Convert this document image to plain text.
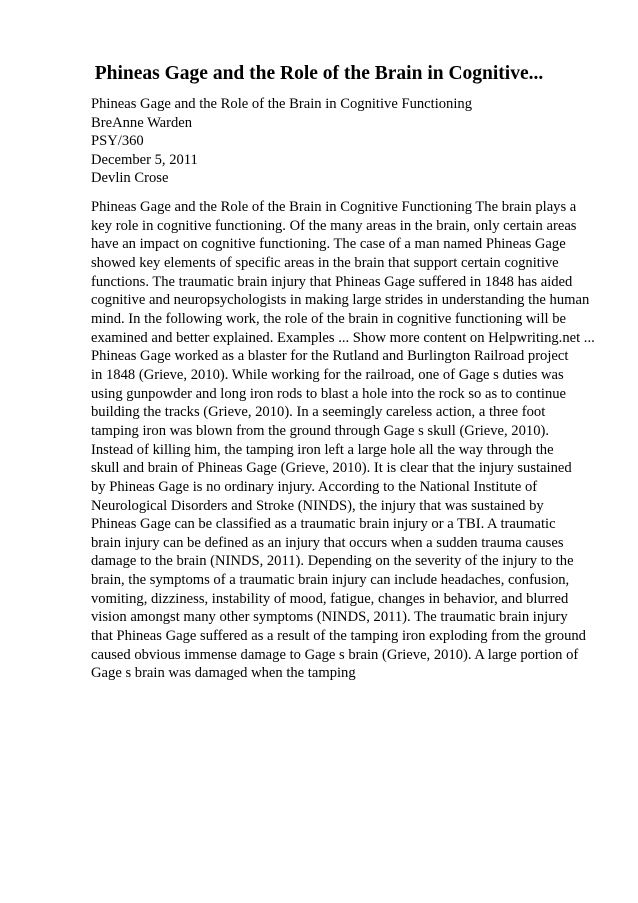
Phineas Gage and the Role of the Brain in Cognitive...
Phineas Gage and the Role of the Brain in Cognitive Functioning
BreAnne Warden
PSY/360
December 5, 2011
Devlin Crose
Phineas Gage and the Role of the Brain in Cognitive Functioning The brain plays a
key role in cognitive functioning. Of the many areas in the brain, only certain areas
have an impact on cognitive functioning. The case of a man named Phineas Gage
showed key elements of specific areas in the brain that support certain cognitive
functions. The traumatic brain injury that Phineas Gage suffered in 1848 has aided
cognitive and neuropsychologists in making large strides in understanding the human
mind. In the following work, the role of the brain in cognitive functioning will be
examined and better explained. Examples ... Show more content on Helpwriting.net ...
Phineas Gage worked as a blaster for the Rutland and Burlington Railroad project
in 1848 (Grieve, 2010). While working for the railroad, one of Gage s duties was
using gunpowder and long iron rods to blast a hole into the rock so as to continue
building the tracks (Grieve, 2010). In a seemingly careless action, a three foot
tamping iron was blown from the ground through Gage s skull (Grieve, 2010).
Instead of killing him, the tamping iron left a large hole all the way through the
skull and brain of Phineas Gage (Grieve, 2010). It is clear that the injury sustained
by Phineas Gage is no ordinary injury. According to the National Institute of
Neurological Disorders and Stroke (NINDS), the injury that was sustained by
Phineas Gage can be classified as a traumatic brain injury or a TBI. A traumatic
brain injury can be defined as an injury that occurs when a sudden trauma causes
damage to the brain (NINDS, 2011). Depending on the severity of the injury to the
brain, the symptoms of a traumatic brain injury can include headaches, confusion,
vomiting, dizziness, instability of mood, fatigue, changes in behavior, and blurred
vision amongst many other symptoms (NINDS, 2011). The traumatic brain injury
that Phineas Gage suffered as a result of the tamping iron exploding from the ground
caused obvious immense damage to Gage s brain (Grieve, 2010). A large portion of
Gage s brain was damaged when the tamping
